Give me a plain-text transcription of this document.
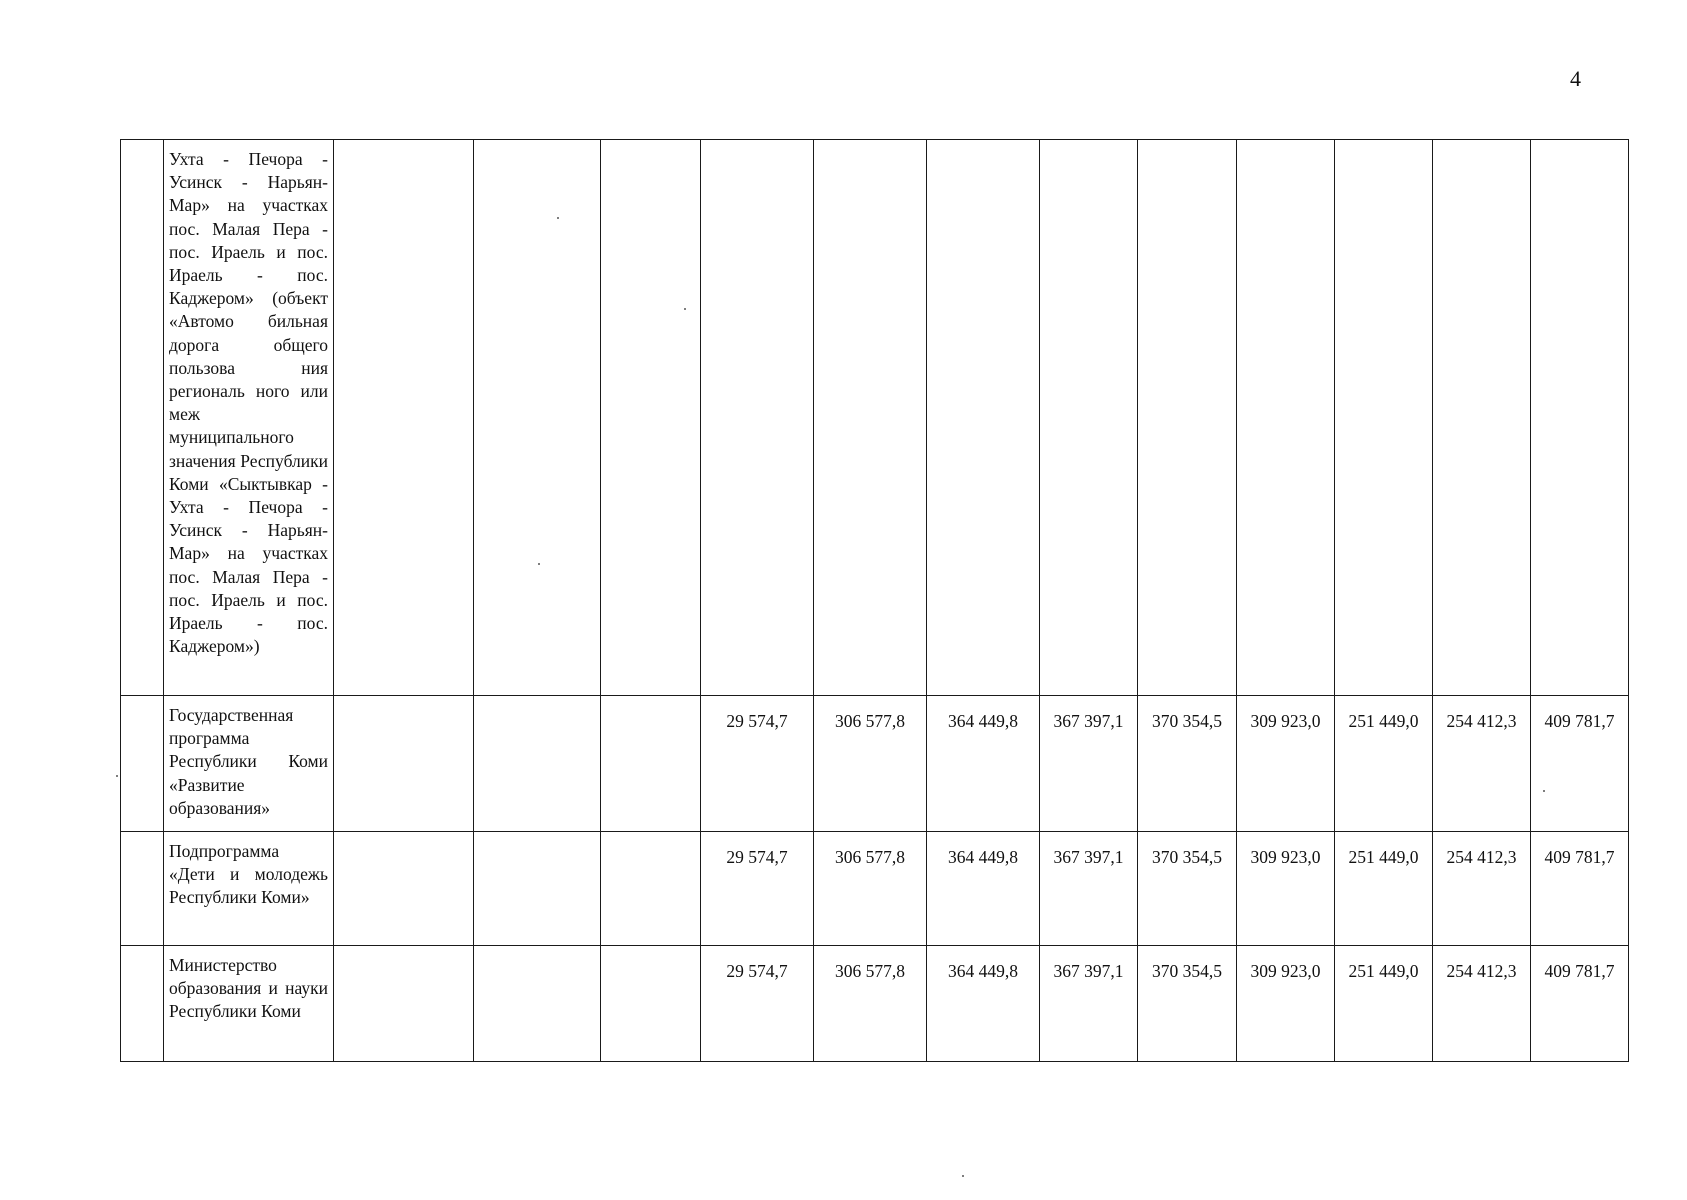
4

	Ухта - Печора - Усинск - Нарьян-Мар» на участках пос. Малая Пера - пос. Ираель и пос. Ираель - пос. Каджером» (объект «Автомо бильная дорога общего пользова ния региональ ного или меж муниципального значения Республики Коми «Сыктывкар - Ухта - Печора - Усинск - Нарьян-Мар» на участках пос. Малая Пера - пос. Ираель и пос. Ираель - пос. Каджером»)												

	Государственная программа Республики Коми «Развитие образования»				29 574,7	306 577,8	364 449,8	367 397,1	370 354,5	309 923,0	251 449,0	254 412,3	409 781,7

	Подпрограмма «Дети и молодежь Республики Коми»				29 574,7	306 577,8	364 449,8	367 397,1	370 354,5	309 923,0	251 449,0	254 412,3	409 781,7

	Министерство образования и науки Республики Коми				29 574,7	306 577,8	364 449,8	367 397,1	370 354,5	309 923,0	251 449,0	254 412,3	409 781,7
